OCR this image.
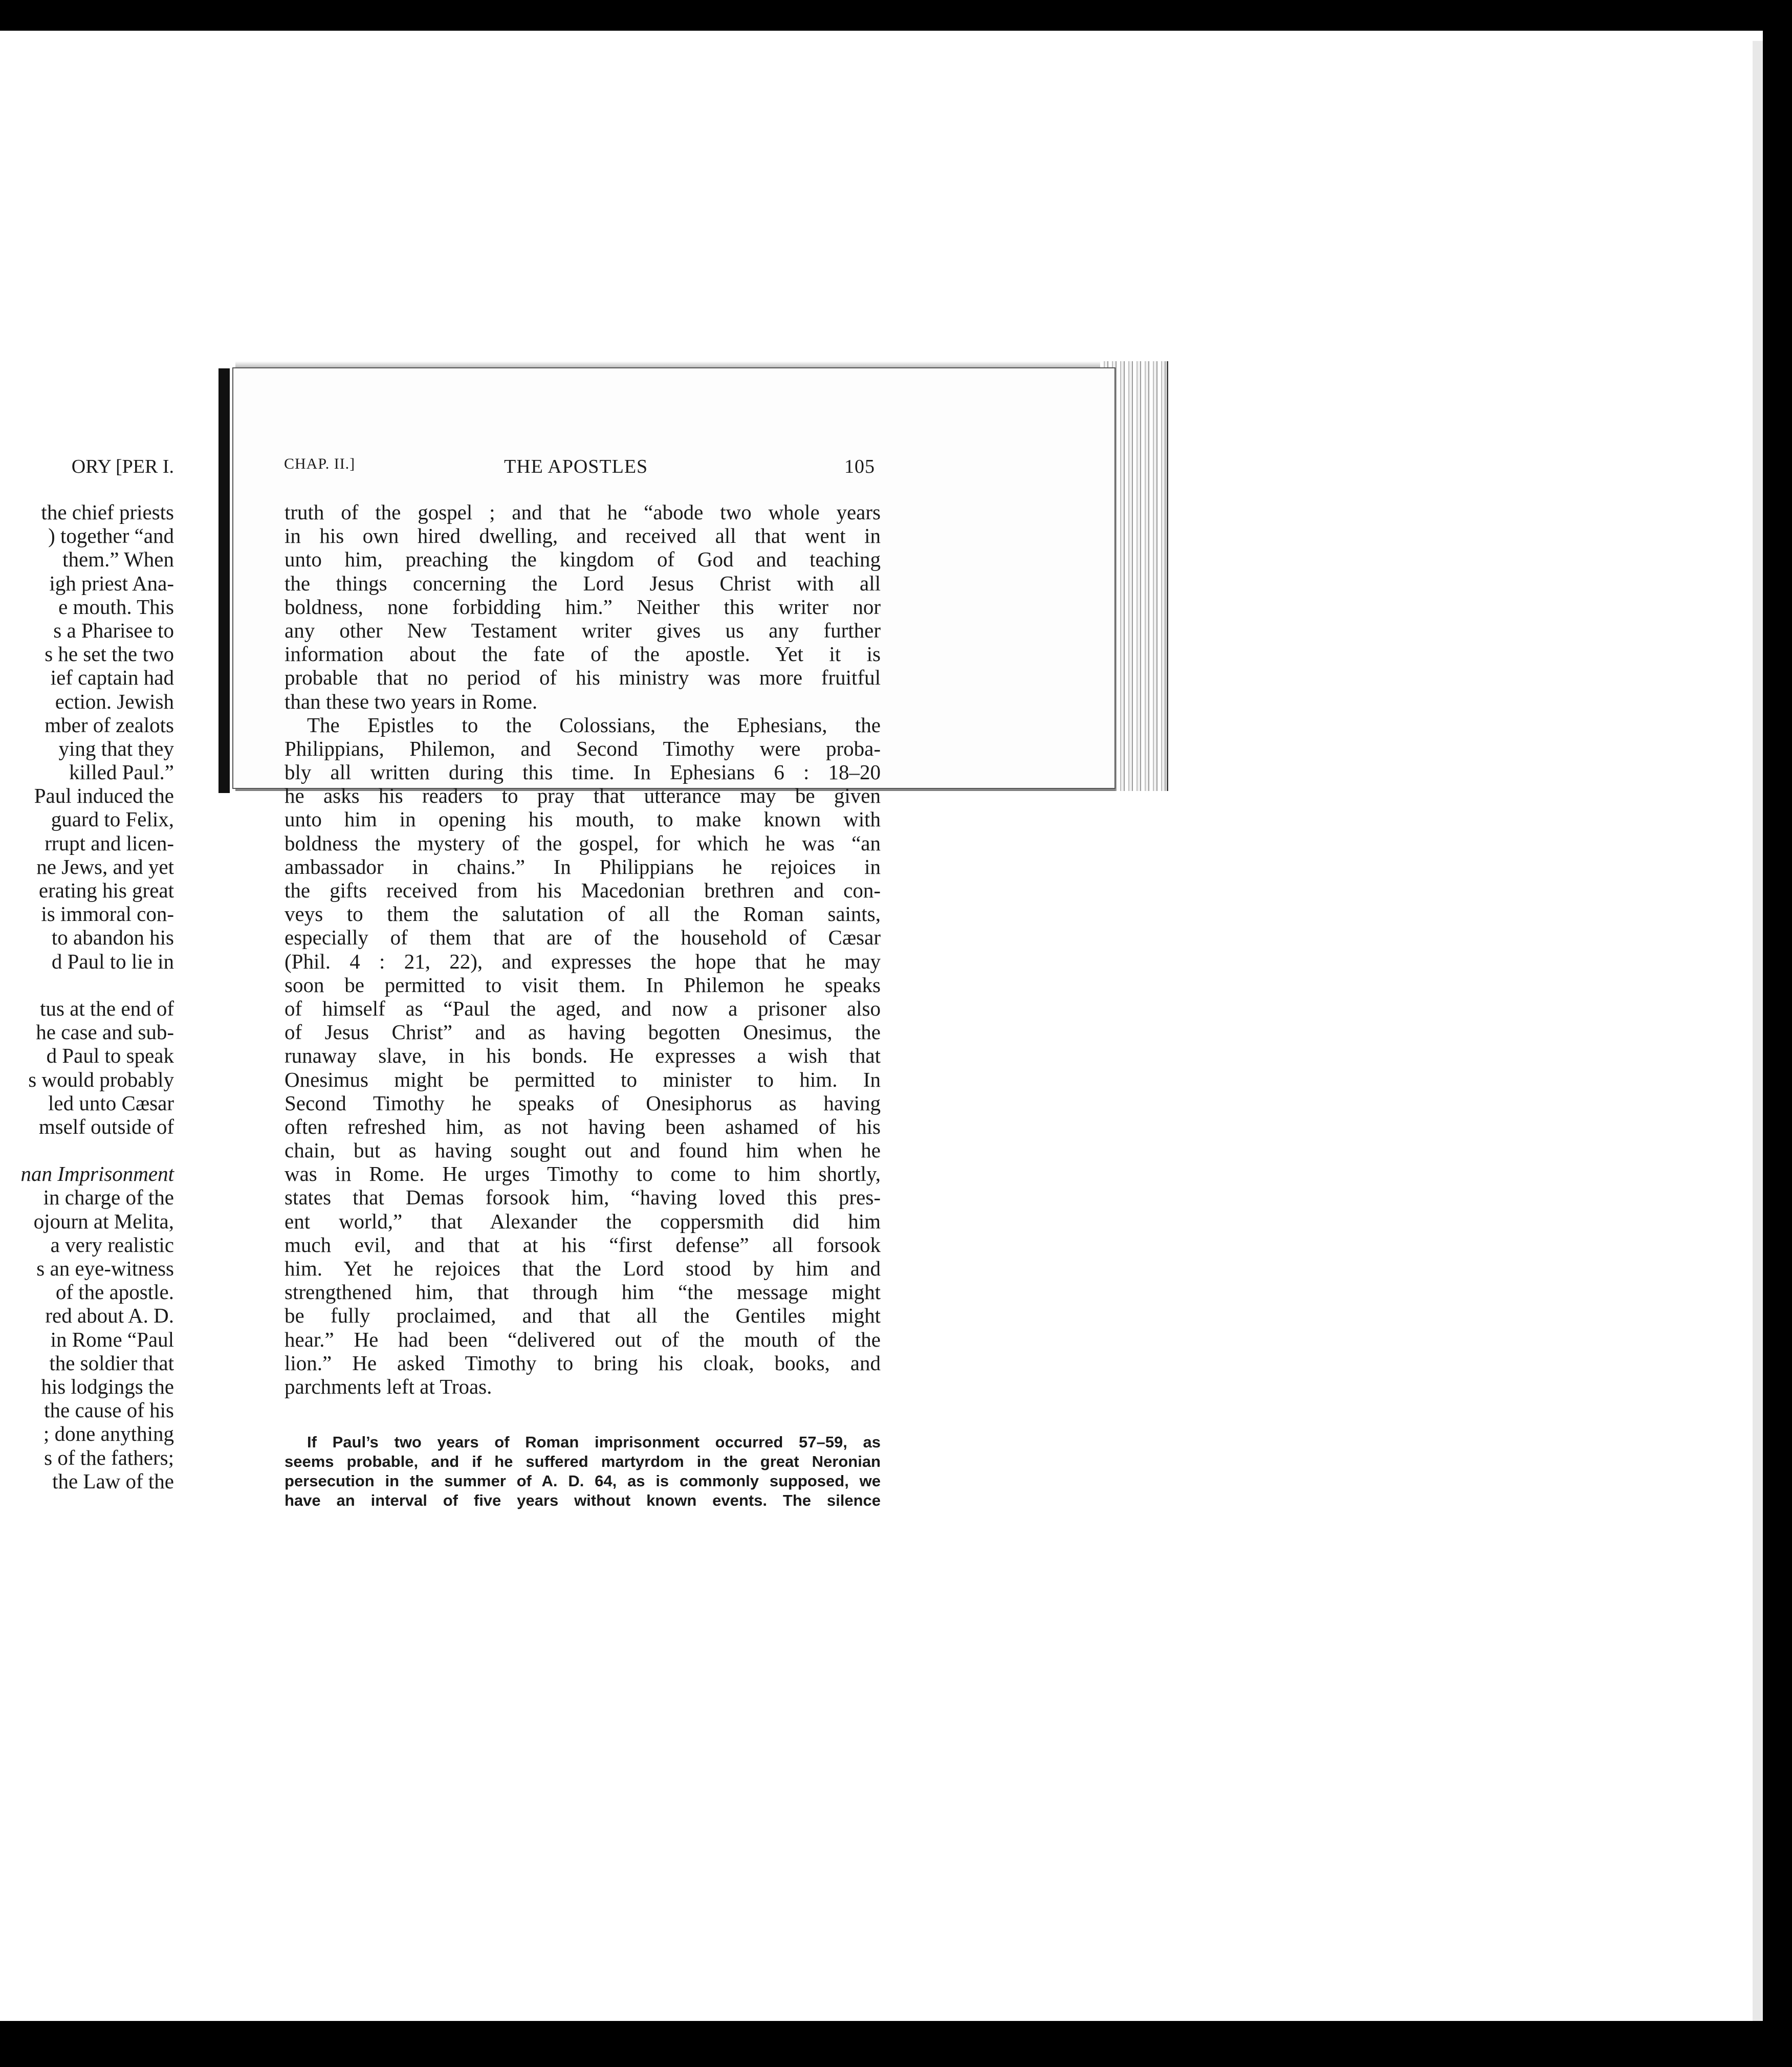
ORY [PER I.
the chief priests
) together “and
them.” When
igh priest Ana-
e mouth. This
s a Pharisee to
s he set the two
ief captain had
ection. Jewish
mber of zealots
ying that they
killed Paul.”
Paul induced the
guard to Felix,
rrupt and licen-
ne Jews, and yet
erating his great
is immoral con-
to abandon his
d Paul to lie in
tus at the end of
he case and sub-
d Paul to speak
s would probably
led unto Cæsar
mself outside of
nan Imprisonment
in charge of the
ojourn at Melita,
a very realistic
s an eye-witness
of the apostle.
red about A. D.
in Rome “Paul
the soldier that
his lodgings the
the cause of his
; done anything
s of the fathers;
the Law of the
CHAP. II.]	THE APOSTLES	105
truth of the gospel ; and that he “abode two whole years
in his own hired dwelling, and received all that went in
unto him, preaching the kingdom of God and teaching
the things concerning the Lord Jesus Christ with all
boldness, none forbidding him.” Neither this writer nor
any other New Testament writer gives us any further
information about the fate of the apostle. Yet it is
probable that no period of his ministry was more fruitful
than these two years in Rome.
The Epistles to the Colossians, the Ephesians, the
Philippians, Philemon, and Second Timothy were proba-
bly all written during this time. In Ephesians 6 : 18–20
he asks his readers to pray that utterance may be given
unto him in opening his mouth, to make known with
boldness the mystery of the gospel, for which he was “an
ambassador in chains.” In Philippians he rejoices in
the gifts received from his Macedonian brethren and con-
veys to them the salutation of all the Roman saints,
especially of them that are of the household of Cæsar
(Phil. 4 : 21, 22), and expresses the hope that he may
soon be permitted to visit them. In Philemon he speaks
of himself as “Paul the aged, and now a prisoner also
of Jesus Christ” and as having begotten Onesimus, the
runaway slave, in his bonds. He expresses a wish that
Onesimus might be permitted to minister to him. In
Second Timothy he speaks of Onesiphorus as having
often refreshed him, as not having been ashamed of his
chain, but as having sought out and found him when he
was in Rome. He urges Timothy to come to him shortly,
states that Demas forsook him, “having loved this pres-
ent world,” that Alexander the coppersmith did him
much evil, and that at his “first defense” all forsook
him. Yet he rejoices that the Lord stood by him and
strengthened him, that through him “the message might
be fully proclaimed, and that all the Gentiles might
hear.” He had been “delivered out of the mouth of the
lion.” He asked Timothy to bring his cloak, books, and
parchments left at Troas.
If Paul’s two years of Roman imprisonment occurred 57–59, as
seems probable, and if he suffered martyrdom in the great Neronian
persecution in the summer of A. D. 64, as is commonly supposed, we
have an interval of five years without known events. The silence
